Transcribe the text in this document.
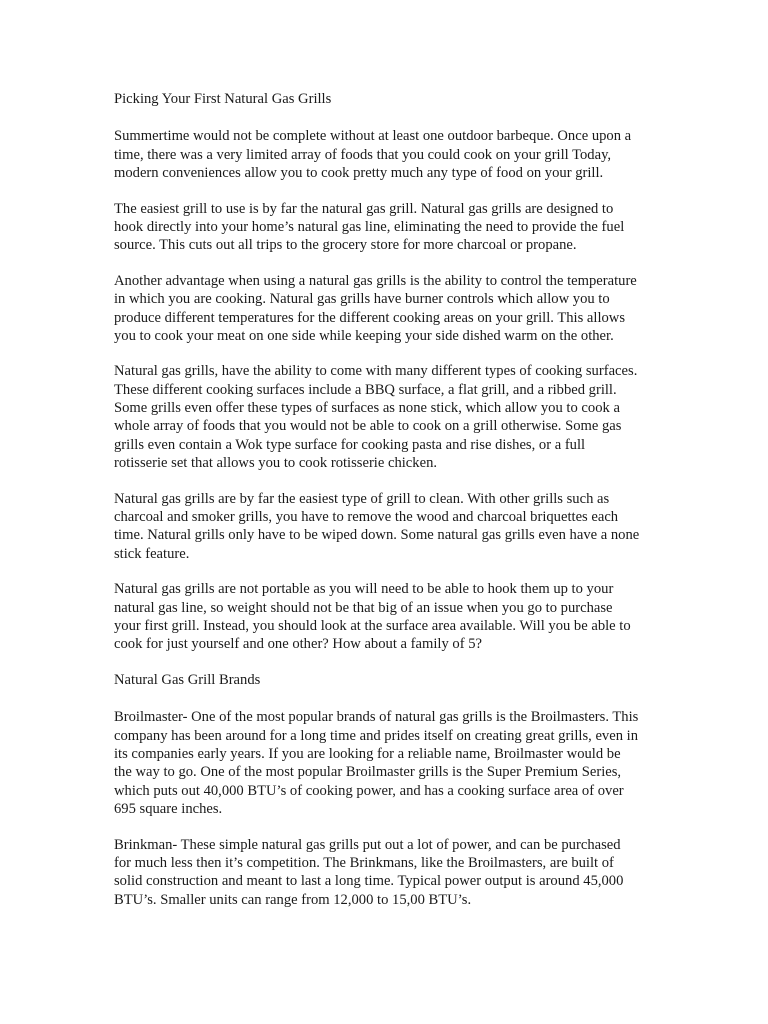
Picking Your First Natural Gas Grills
Summertime would not be complete without at least one outdoor barbeque. Once upon a
time, there was a very limited array of foods that you could cook on your grill Today,
modern conveniences allow you to cook pretty much any type of food on your grill.
The easiest grill to use is by far the natural gas grill. Natural gas grills are designed to
hook directly into your home’s natural gas line, eliminating the need to provide the fuel
source. This cuts out all trips to the grocery store for more charcoal or propane.
Another advantage when using a natural gas grills is the ability to control the temperature
in which you are cooking. Natural gas grills have burner controls which allow you to
produce different temperatures for the different cooking areas on your grill. This allows
you to cook your meat on one side while keeping your side dished warm on the other.
Natural gas grills, have the ability to come with many different types of cooking surfaces.
These different cooking surfaces include a BBQ surface, a flat grill, and a ribbed grill.
Some grills even offer these types of surfaces as none stick, which allow you to cook a
whole array of foods that you would not be able to cook on a grill otherwise. Some gas
grills even contain a Wok type surface for cooking pasta and rise dishes, or a full
rotisserie set that allows you to cook rotisserie chicken.
Natural gas grills are by far the easiest type of grill to clean. With other grills such as
charcoal and smoker grills, you have to remove the wood and charcoal briquettes each
time. Natural grills only have to be wiped down. Some natural gas grills even have a none
stick feature.
Natural gas grills are not portable as you will need to be able to hook them up to your
natural gas line, so weight should not be that big of an issue when you go to purchase
your first grill. Instead, you should look at the surface area available. Will you be able to
cook for just yourself and one other? How about a family of 5?
Natural Gas Grill Brands
Broilmaster- One of the most popular brands of natural gas grills is the Broilmasters. This
company has been around for a long time and prides itself on creating great grills, even in
its companies early years. If you are looking for a reliable name, Broilmaster would be
the way to go. One of the most popular Broilmaster grills is the Super Premium Series,
which puts out 40,000 BTU’s of cooking power, and has a cooking surface area of over
695 square inches.
Brinkman- These simple natural gas grills put out a lot of power, and can be purchased
for much less then it’s competition. The Brinkmans, like the Broilmasters, are built of
solid construction and meant to last a long time. Typical power output is around 45,000
BTU’s. Smaller units can range from 12,000 to 15,00 BTU’s.
